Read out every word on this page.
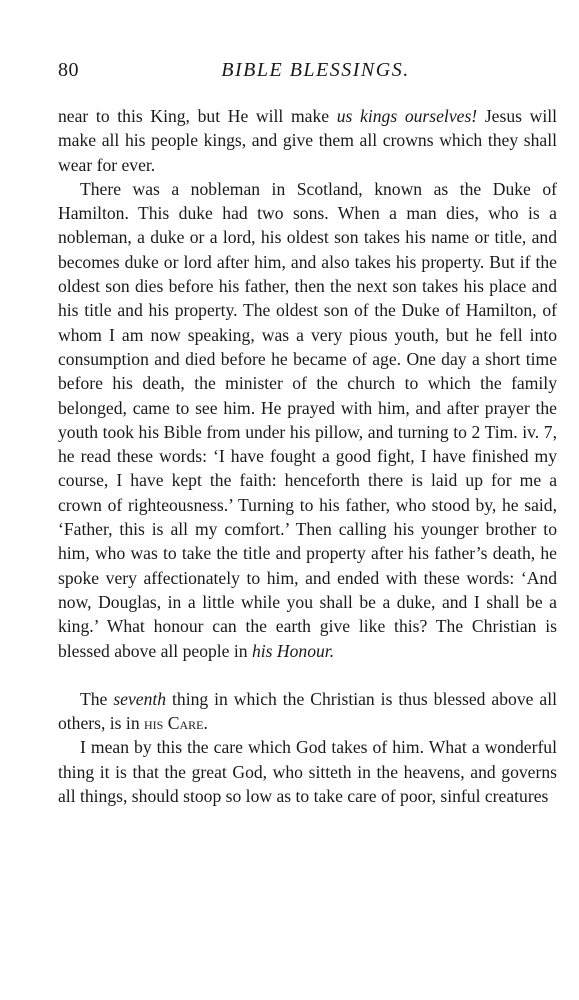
80	BIBLE BLESSINGS.

near to this King, but He will make us kings ourselves! Jesus will make all his people kings, and give them all crowns which they shall wear for ever.

There was a nobleman in Scotland, known as the Duke of Hamilton. This duke had two sons. When a man dies, who is a nobleman, a duke or a lord, his oldest son takes his name or title, and becomes duke or lord after him, and also takes his property. But if the oldest son dies before his father, then the next son takes his place and his title and his property. The oldest son of the Duke of Hamilton, of whom I am now speaking, was a very pious youth, but he fell into consumption and died before he became of age. One day a short time before his death, the minister of the church to which the family belonged, came to see him. He prayed with him, and after prayer the youth took his Bible from under his pillow, and turning to 2 Tim. iv. 7, he read these words: ‘I have fought a good fight, I have finished my course, I have kept the faith: henceforth there is laid up for me a crown of righteousness.’ Turning to his father, who stood by, he said, ‘Father, this is all my comfort.’ Then calling his younger brother to him, who was to take the title and property after his father’s death, he spoke very affectionately to him, and ended with these words: ‘And now, Douglas, in a little while you shall be a duke, and I shall be a king.’ What honour can the earth give like this? The Christian is blessed above all people in his Honour.

The seventh thing in which the Christian is thus blessed above all others, is in his Care.

I mean by this the care which God takes of him. What a wonderful thing it is that the great God, who sitteth in the heavens, and governs all things, should stoop so low as to take care of poor, sinful creatures
